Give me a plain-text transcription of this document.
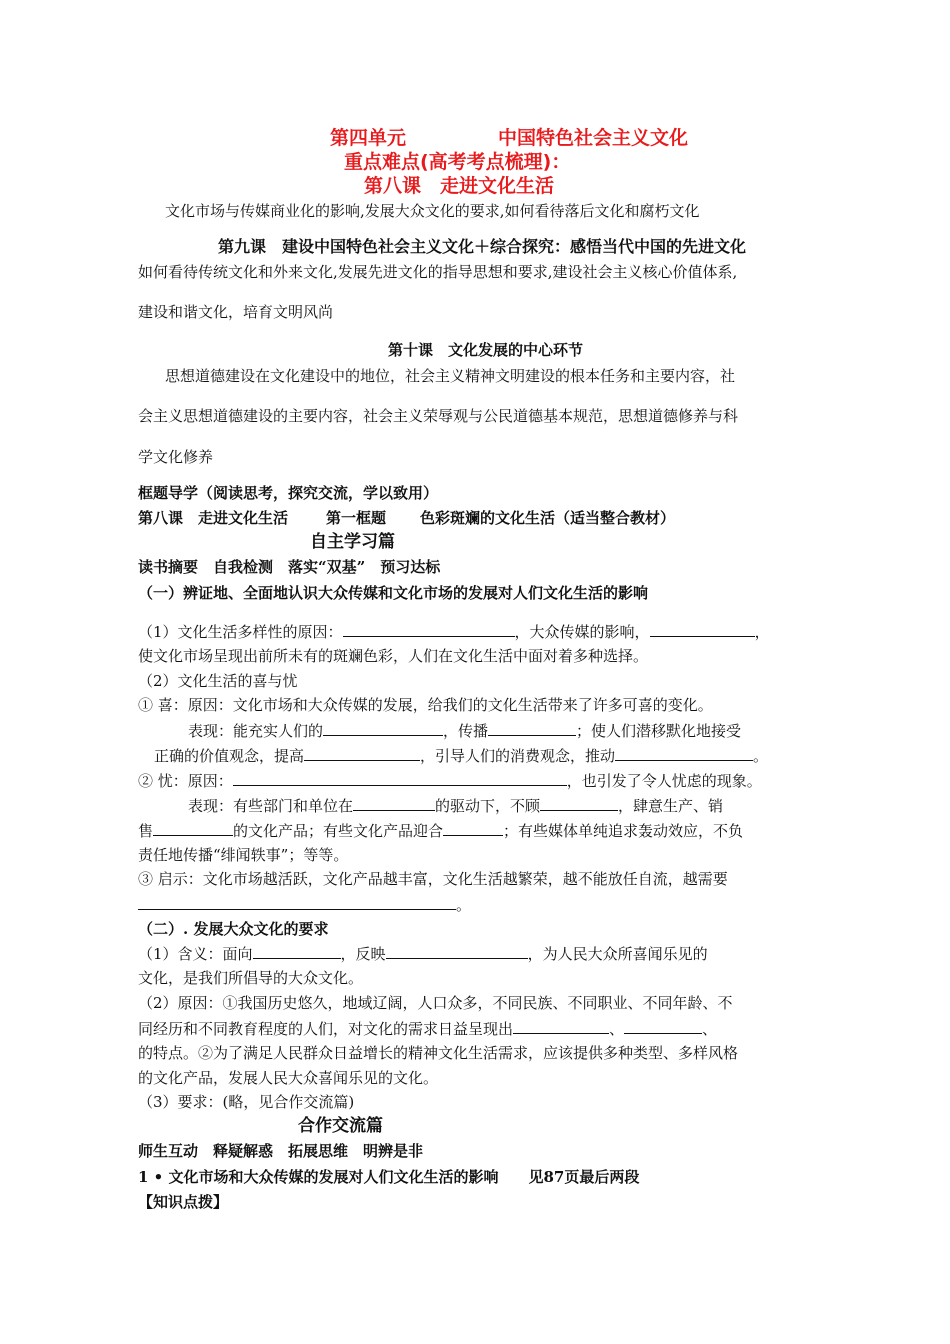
第四单元	中国特色社会主义文化
重点难点(高考考点梳理)：
第八课　走进文化生活
文化市场与传媒商业化的影响,发展大众文化的要求,如何看待落后文化和腐朽文化
第九课　建设中国特色社会主义文化＋综合探究：感悟当代中国的先进文化
如何看待传统文化和外来文化,发展先进文化的指导思想和要求,建设社会主义核心价值体系,
建设和谐文化，培育文明风尚
第十课　文化发展的中心环节
思想道德建设在文化建设中的地位，社会主义精神文明建设的根本任务和主要内容，社
会主义思想道德建设的主要内容，社会主义荣辱观与公民道德基本规范，思想道德修养与科
学文化修养
框题导学（阅读思考，探究交流，学以致用）
第八课　走进文化生活	第一框题 色彩斑斓的文化生活（适当整合教材）
自主学习篇
读书摘要　自我检测　落实“双基”　预习达标
（一）辨证地、全面地认识大众传媒和文化市场的发展对人们文化生活的影响
（1）文化生活多样性的原因：	，大众传媒的影响，	，
使文化市场呈现出前所未有的斑斓色彩，人们在文化生活中面对着多种选择。
（2）文化生活的喜与忧
① 喜：原因：文化市场和大众传媒的发展，给我们的文化生活带来了许多可喜的变化。
表现：能充实人们的	，传播	；使人们潜移默化地接受
正确的价值观念，提高	，引导人们的消费观念，推动	。
② 忧：原因：	，也引发了令人忧虑的现象。
表现：有些部门和单位在	的驱动下，不顾	，肆意生产、销
售	的文化产品；有些文化产品迎合	；有些媒体单纯追求轰动效应，不负
责任地传播“绯闻轶事”；等等。
③ 启示：文化市场越活跃，文化产品越丰富，文化生活越繁荣，越不能放任自流，越需要
。
（二）. 发展大众文化的要求
（1）含义：面向	，反映	，为人民大众所喜闻乐见的
文化，是我们所倡导的大众文化。
（2）原因：①我国历史悠久，地域辽阔，人口众多，不同民族、不同职业、不同年龄、不
同经历和不同教育程度的人们，对文化的需求日益呈现出	、	、
的特点。②为了满足人民群众日益增长的精神文化生活需求，应该提供多种类型、多样风格
的文化产品，发展人民大众喜闻乐见的文化。
（3）要求：(略，见合作交流篇)
合作交流篇
师生互动　释疑解惑　拓展思维　明辨是非
1 • 文化市场和大众传媒的发展对人们文化生活的影响　　见87页最后两段
【知识点拨】
